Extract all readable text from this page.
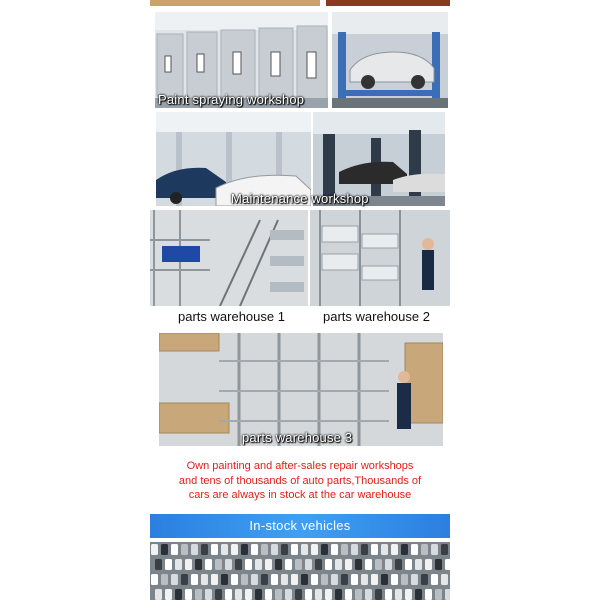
Paint spraying workshop
Maintenance workshop
parts warehouse 1	parts warehouse 2
parts warehouse 3
Own painting and after-sales repair workshops
and tens of thousands of auto parts,Thousands of
cars are always in stock at the car warehouse
In-stock vehicles
